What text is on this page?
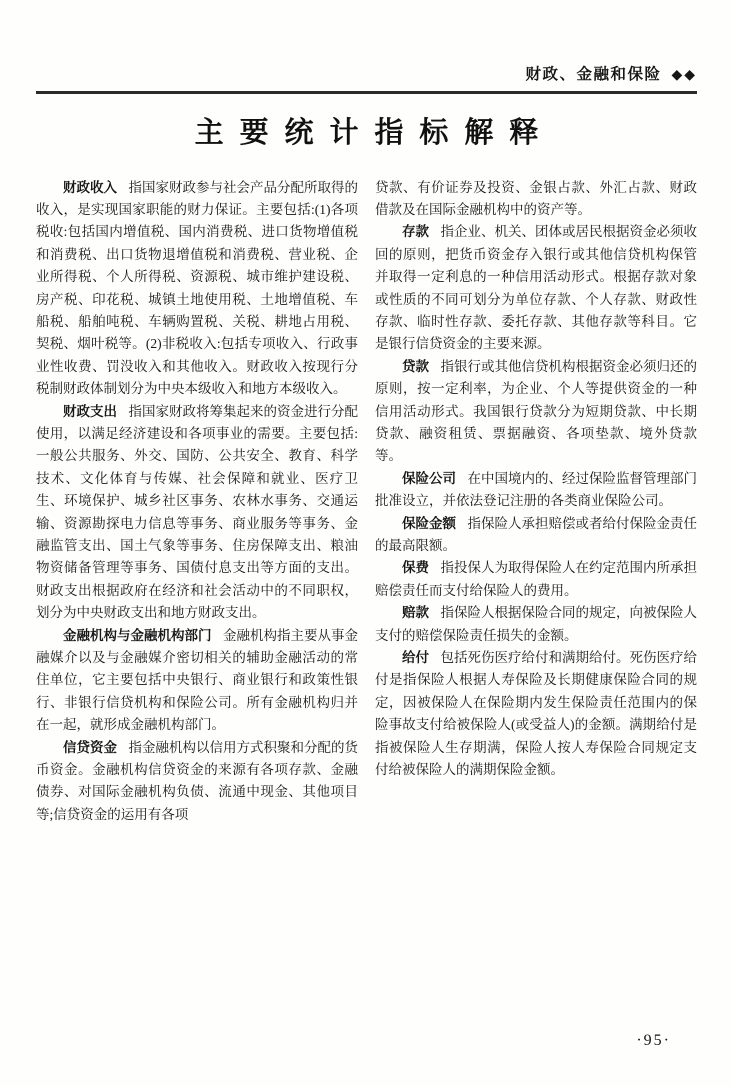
财政、金融和保险 ◆◆
主要统计指标解释

财政收入 指国家财政参与社会产品分配所取得的收入，是实现国家职能的财力保证。主要包括:(1)各项税收:包括国内增值税、国内消费税、进口货物增值税和消费税、出口货物退增值税和消费税、营业税、企业所得税、个人所得税、资源税、城市维护建设税、房产税、印花税、城镇土地使用税、土地增值税、车船税、船舶吨税、车辆购置税、关税、耕地占用税、契税、烟叶税等。(2)非税收入:包括专项收入、行政事业性收费、罚没收入和其他收入。财政收入按现行分税制财政体制划分为中央本级收入和地方本级收入。

财政支出 指国家财政将筹集起来的资金进行分配使用，以满足经济建设和各项事业的需要。主要包括:一般公共服务、外交、国防、公共安全、教育、科学技术、文化体育与传媒、社会保障和就业、医疗卫生、环境保护、城乡社区事务、农林水事务、交通运输、资源勘探电力信息等事务、商业服务等事务、金融监管支出、国土气象等事务、住房保障支出、粮油物资储备管理等事务、国债付息支出等方面的支出。财政支出根据政府在经济和社会活动中的不同职权，划分为中央财政支出和地方财政支出。

金融机构与金融机构部门 金融机构指主要从事金融媒介以及与金融媒介密切相关的辅助金融活动的常住单位，它主要包括中央银行、商业银行和政策性银行、非银行信贷机构和保险公司。所有金融机构归并在一起，就形成金融机构部门。

信贷资金 指金融机构以信用方式积聚和分配的货币资金。金融机构信贷资金的来源有各项存款、金融债券、对国际金融机构负债、流通中现金、其他项目等;信贷资金的运用有各项

贷款、有价证券及投资、金银占款、外汇占款、财政借款及在国际金融机构中的资产等。

存款 指企业、机关、团体或居民根据资金必须收回的原则，把货币资金存入银行或其他信贷机构保管并取得一定利息的一种信用活动形式。根据存款对象或性质的不同可划分为单位存款、个人存款、财政性存款、临时性存款、委托存款、其他存款等科目。它是银行信贷资金的主要来源。

贷款 指银行或其他信贷机构根据资金必须归还的原则，按一定利率，为企业、个人等提供资金的一种信用活动形式。我国银行贷款分为短期贷款、中长期贷款、融资租赁、票据融资、各项垫款、境外贷款等。

保险公司 在中国境内的、经过保险监督管理部门批准设立，并依法登记注册的各类商业保险公司。

保险金额 指保险人承担赔偿或者给付保险金责任的最高限额。

保费 指投保人为取得保险人在约定范围内所承担赔偿责任而支付给保险人的费用。

赔款 指保险人根据保险合同的规定，向被保险人支付的赔偿保险责任损失的金额。

给付 包括死伤医疗给付和满期给付。死伤医疗给付是指保险人根据人寿保险及长期健康保险合同的规定，因被保险人在保险期内发生保险责任范围内的保险事故支付给被保险人(或受益人)的金额。满期给付是指被保险人生存期满，保险人按人寿保险合同规定支付给被保险人的满期保险金额。

·95·
